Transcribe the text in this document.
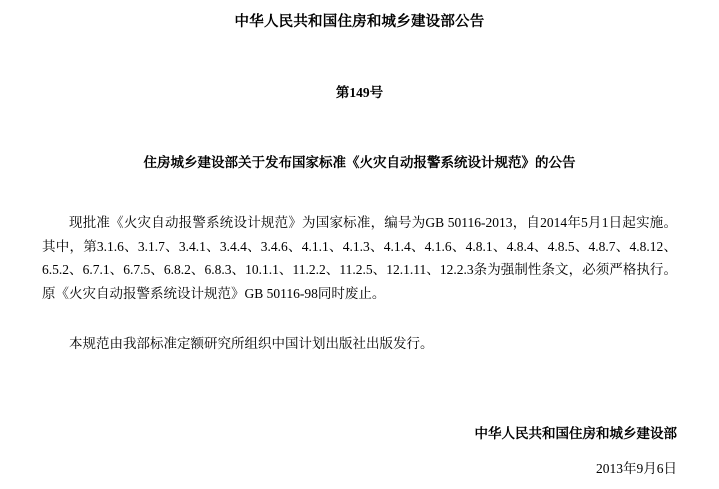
中华人民共和国住房和城乡建设部公告
第149号
住房城乡建设部关于发布国家标准《火灾自动报警系统设计规范》的公告

现批准《火灾自动报警系统设计规范》为国家标准，编号为GB 50116-2013，自2014年5月1日起实施。其中，第3.1.6、3.1.7、3.4.1、3.4.4、3.4.6、4.1.1、4.1.3、4.1.4、4.1.6、4.8.1、4.8.4、4.8.5、4.8.7、4.8.12、6.5.2、6.7.1、6.7.5、6.8.2、6.8.3、10.1.1、11.2.2、11.2.5、12.1.11、12.2.3条为强制性条文，必须严格执行。原《火灾自动报警系统设计规范》GB 50116-98同时废止。

本规范由我部标准定额研究所组织中国计划出版社出版发行。

中华人民共和国住房和城乡建设部
2013年9月6日
